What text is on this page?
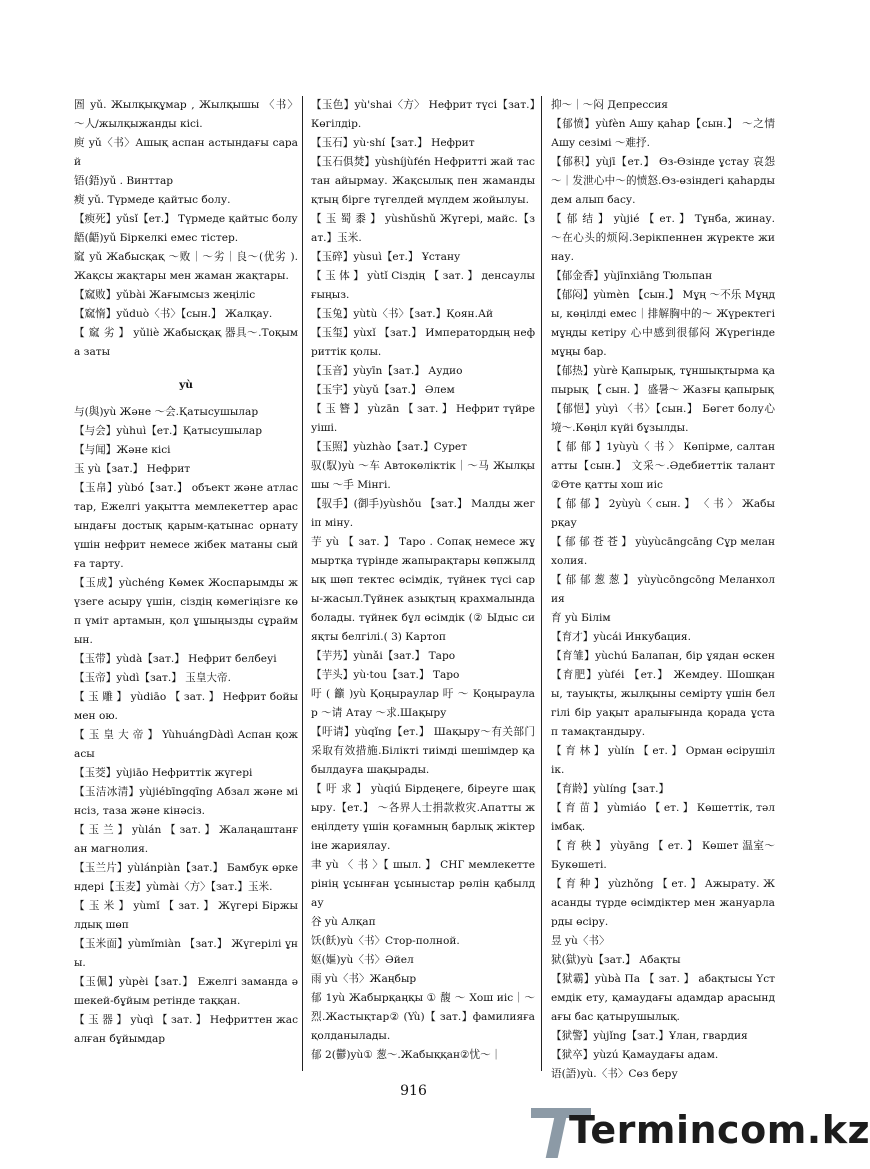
圄 yǔ. Жылқықұмар , Жылқышы 〈书〉～人/жылқыжанды кісі.

庾 yǔ〈书〉Ашық аспан астындағы сарай

铻(鋙)yǔ . Винттар

瘐 yǔ. Түрмеде қайтыс болу.

【瘐死】yǔsǐ【ет.】 Түрмеде қайтыс болу

龉(齬)yǔ Біркелкі емес тістер.

窳 yǔ Жабысқақ ～败｜～劣｜良～(优劣 ).Жақсы жақтары мен жаман жақтары.

【窳败】yǔbài Жағымсыз жеңіліс

【窳惰】yǔduò〈书〉【сын.】 Жалқау.

【 窳 劣 】 yǔliè Жабысқақ 器具～.Тоқыма заты

yù

与(與)yù Және ～会.Қатысушылар

【与会】yùhuì【ет.】Қатысушылар

【与闻】Және кісі

玉 yù【зат.】 Нефрит

【玉帛】yùbó【зат.】 объект және атластар, Ежелгі уақытта мемлекеттер арасындағы достық қарым-қатынас орнату үшін нефрит немесе жібек матаны сыйға тарту.

【玉成】yùchéng Көмек Жоспарымды жүзеге асыру үшін, сіздің көмегіңізге көп үміт артамын, қол ұшыңызды сұраймын.

【玉带】yùdà【зат.】 Нефрит белбеуі

【玉帝】yùdì【зат.】 玉皇大帝.

【 玉 雕 】 yùdiāo 【 зат. 】 Нефрит бойымен ою.

【 玉 皇 大 帝 】 YùhuángDàdì Аспан қожасы

【玉茭】yùjiāo Нефриттік жүгері

【玉洁冰清】yùjiébīngqīng Абзал және мінсіз, таза және кінәсіз.

【 玉 兰 】 yùlán 【 зат. 】 Жалаңаштанған магнолия.

【玉兰片】yùlánpiàn【зат.】 Бамбук өркендері【玉麦】yùmài〈方〉【зат.】玉米.

【 玉 米 】 yùmǐ 【 зат. 】 Жүгері Біржылдық шөп

【玉米面】yùmǐmiàn 【зат.】 Жүгерілі ұны.

【玉佩】yùpèi【зат.】 Ежелгі заманда әшекей-бұйым ретінде таққан.

【 玉 器 】 yùqì 【 зат. 】 Нефриттен жасалған бұйымдар

【玉色】yù'shai〈方〉 Нефрит түсі【зат.】Көгілдір.

【玉石】yù·shí【зат.】 Нефрит

【玉石俱焚】yùshíjùfén Нефритті жай тастан айырмау. Жақсылық пен жамандықтың бірге түгелдей мүлдем жойылуы.

【 玉 蜀 黍 】 yùshǔshǔ Жүгері, майс.【зат.】玉米.

【玉碎】yùsuì【ет.】 Ұстану

【 玉 体 】 yùtǐ Сіздің 【 зат. 】 денсаулығыңыз.

【玉兔】yùtù〈书〉【зат.】Қоян.Ай

【玉玺】yùxǐ 【зат.】 Императордың нефриттік қолы.

【玉音】yùyīn【зат.】 Аудио

【玉宇】yùyǔ【зат.】 Әлем

【 玉 簪 】 yùzān 【 зат. 】 Нефрит түйреуіші.

【玉照】yùzhào【зат.】Сурет

驭(馭)yù ～车 Автокөліктік｜～马 Жылқышы ～手 Мінгі.

【驭手】(御手)yùshǒu 【зат.】 Малды жегіп міну.

芋 yù 【 зат. 】 Таро . Сопақ немесе жұмыртқа түрінде жапырақтары көпжылдық шөп тектес өсімдік, түйнек түсі сары-жасыл.Түйнек азықтың крахмалында болады. түйнек бұл өсімдік (② Ыдыс сияқты белгілі.( 3) Картоп

【芋艿】yùnǎi【зат.】 Таро

【芋头】yù·tou【зат.】 Таро

吁 ( 籲 )yù Қоңыраулар 吁 ～ Қоңыраулар ～请 Атау ～求.Шақыру

【吁请】yùqǐng【ет.】 Шақыру～有关部门采取有效措施.Біліктi тиімді шешімдер қабылдауға шақырады.

【 吁 求 】 yùqiú Бірдеңеге, біреуге шақыру.【ет.】 ～各界人士捐款救灾.Апатты жеңілдету үшін қоғамның барлық жіктеріне жариялау.

聿 yù 〈 书 〉【 шыл. 】 СНГ мемлекеттерінің ұсынған ұсыныстар рөлін қабылдау

谷 yù Алқап

饫(飫)yù〈书〉Стор-полной.

妪(嫗)yù〈书〉Әйел

雨 yù〈书〉Жаңбыр

郁 1yù Жабырқаңқы ① 馥 ～ Хош иіс｜～烈.Жастықтар② (Yù)【 зат.】фамилияға қолданылады.

郁 2(鬱)yù① 葱～.Жабыққан②忧～｜

抑～｜～闷 Депрессия

【郁愤】yùfèn Ашу қаһар【сын.】 ～之情 Ашу сезімі ～难抒.

【郁积】yùjī【ет.】 Өз-Өзінде ұстау 哀怨～｜发泄心中～的愤怒.Өз-өзіндегі қаһарды дем алып басу.

【 郁 结 】 yùjié 【 ет. 】 Тұнба, жинау. ～在心头的烦闷.Зерікпеннен жүректе жинау.

【郁金香】yùjīnxiāng Тюльпан

【郁闷】yùmèn 【сын.】 Мұң ～不乐 Мұңды, көңілді емес｜排解胸中的～ Жүректегі мұңды кетіру 心中感到很郁闷 Жүрегінде мұңы бар.

【郁热】yùrè Қапырық, тұншықтырма қапырық 【 сын. 】 盛暑～ Жазғы қапырық

【郁悒】yùyì 〈书〉【сын.】 Бөгет болу心境～.Көңіл күйі бұзылды.

【 郁 郁 】1yùyù〈 书 〉 Көпірме, салтанатты【сын.】 文采～.Әдебиеттік талант②Өте қатты хош иіс

【 郁 郁 】 2yùyù〈 сын. 】 〈 书 〉 Жабырқау

【 郁 郁 苍 苍 】 yùyùcāngcāng Сұр меланхолия.

【 郁 郁 葱 葱 】 yùyùcōngcōng Меланхолия

育 yù Білім

【育才】yùcái Инкубация.

【育雏】yùchú Балапан, бір ұядан өскен【育肥】yùféi 【ет.】 Жемдеу. Шошқаны, тауықты, жылқыны семірту үшін белгілі бір уақыт аралығында қорада ұстап тамақтандыру.

【 育 林 】 yùlín 【 ет. 】 Орман өсірушілік.

【育龄】yùlíng【зат.】

【 育 苗 】 yùmiáo 【 ет. 】 Көшеттік, тәлімбақ.

【 育 秧 】 yùyāng 【 ет. 】 Көшет 温室～Букөшеті.

【 育 种 】 yùzhǒng 【 ет. 】 Ажырату. Жасанды түрде өсімдіктер мен жануарларды өсіру.

昱 yù〈书〉

狱(獄)yù【зат.】 Абақты

【狱霸】yùbà Па 【 зат. 】 абақтысы Үстемдік ету, қамаудағы адамдар арасындағы бас қатырушылық.

【狱警】yùjǐng【зат.】Ұлан, гвардия

【狱卒】yùzú Қамаудағы адам.

语(語)yù.〈书〉Сөз беру

916
Termincom.kz
